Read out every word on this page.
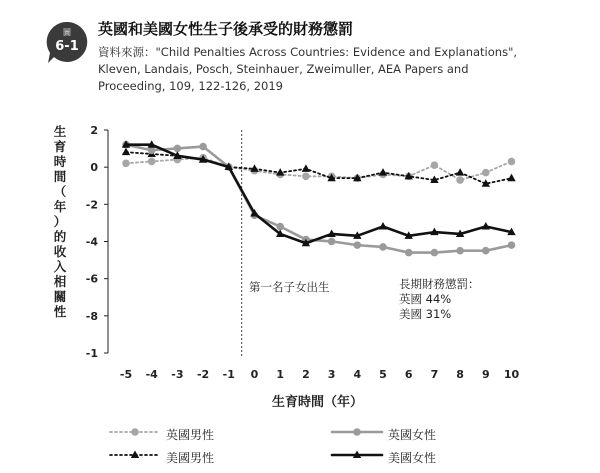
圖
6-1
英國和美國女性生子後承受的財務懲罰
資料來源："Child Penalties Across Countries: Evidence and Explanations",
Kleven, Landais, Posch, Steinhauer, Zweimuller, AEA Papers and
Proceeding, 109, 122-126, 2019
生
育
時
間
（
年
）
的
收
入
相
關
性
生育時間（年）
第一名子女出生	長期財務懲罰：
英國 44%
美國 31%
2
0
-2
-4
-6
-8
-1
-5 -4 -3 -2 -1 0 1 2 3 4 5 6 7 8 9 10
英國男性	英國女性
美國男性	美國女性
